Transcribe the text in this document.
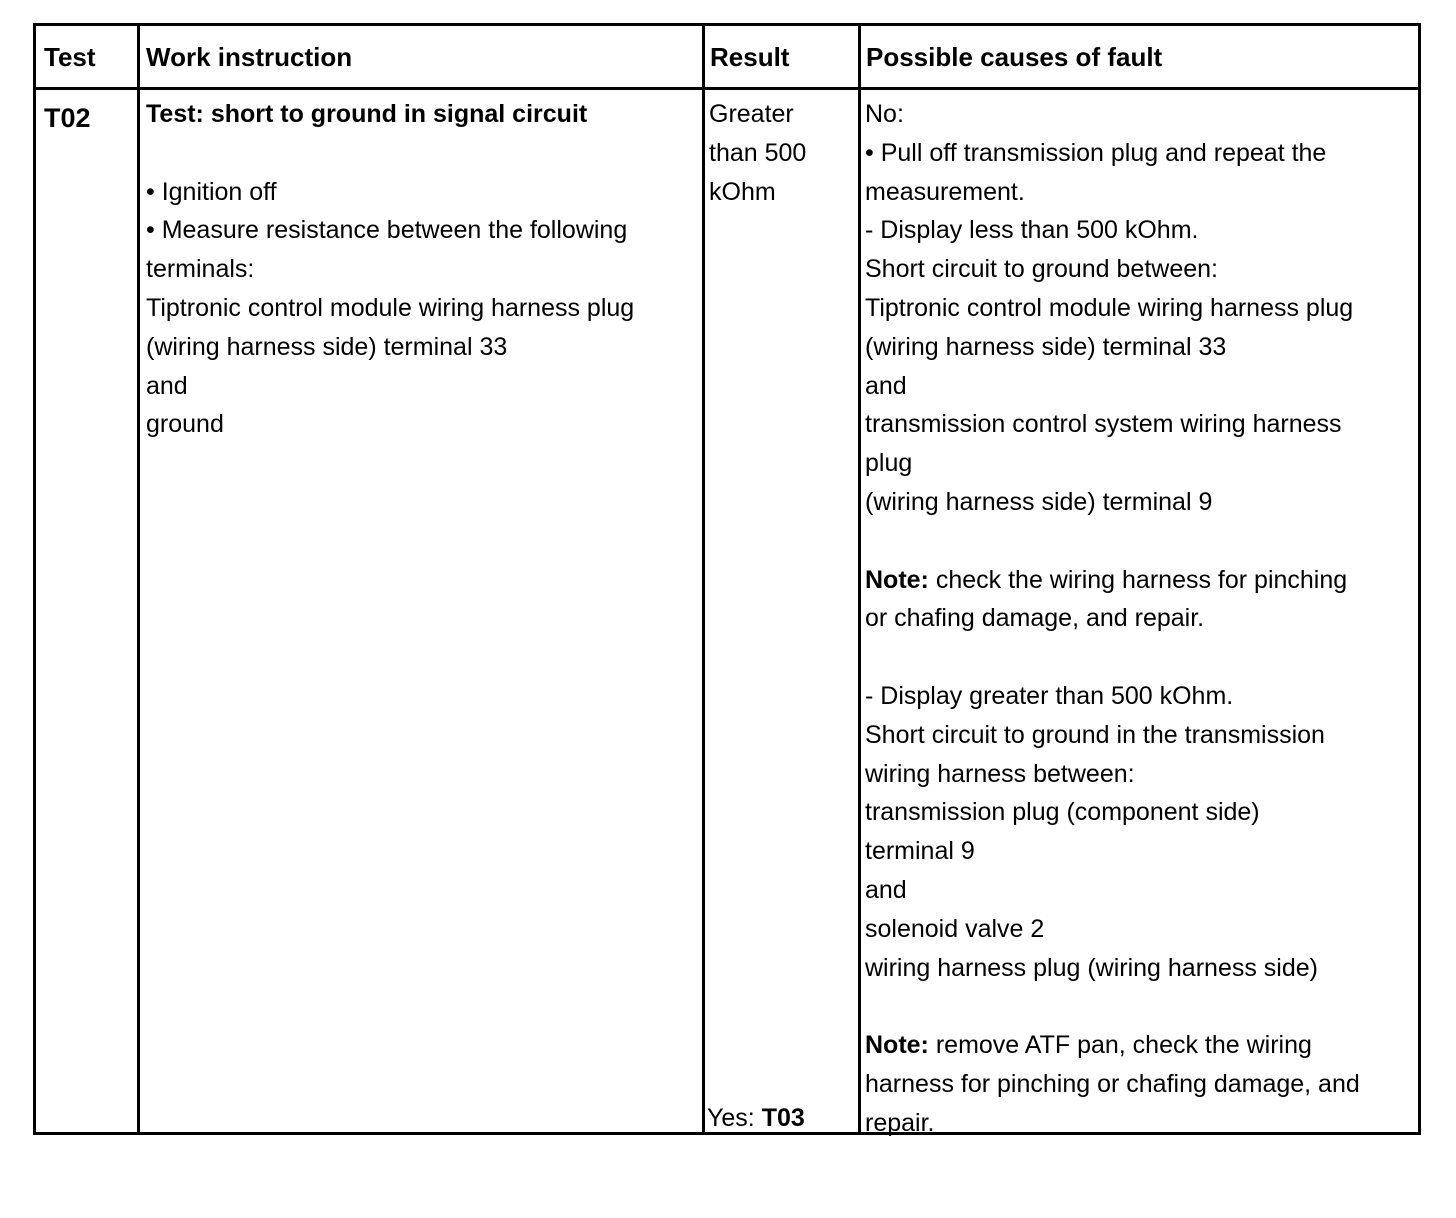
Test Work instruction	Result	Possible causes of fault
T02 Test: short to ground in signal circuit
• Ignition off
• Measure resistance between the following
terminals:
Tiptronic control module wiring harness plug
(wiring harness side) terminal 33
and
ground
Greater
than 500
kOhm
Yes: T03
No:
• Pull off transmission plug and repeat the
measurement.
- Display less than 500 kOhm.
Short circuit to ground between:
Tiptronic control module wiring harness plug
(wiring harness side) terminal 33
and
transmission control system wiring harness
plug
(wiring harness side) terminal 9
Note: check the wiring harness for pinching
or chafing damage, and repair.
- Display greater than 500 kOhm.
Short circuit to ground in the transmission
wiring harness between:
transmission plug (component side)
terminal 9
and
solenoid valve 2
wiring harness plug (wiring harness side)
Note: remove ATF pan, check the wiring
harness for pinching or chafing damage, and
repair.
